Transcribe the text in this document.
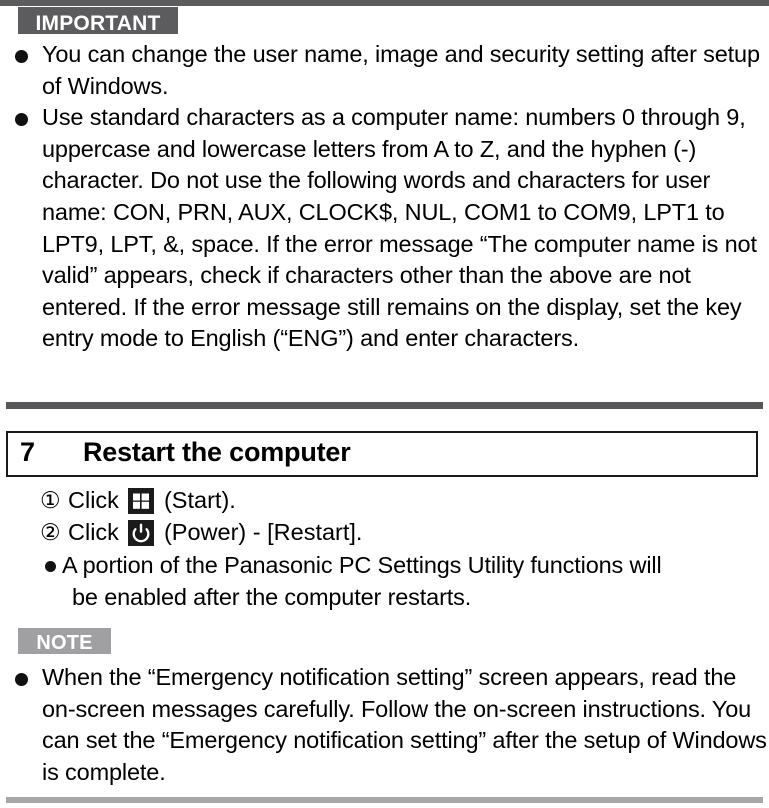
IMPORTANT
You can change the user name, image and security setting after setup of Windows.
Use standard characters as a computer name: numbers 0 through 9, uppercase and lowercase letters from A to Z, and the hyphen (-) character. Do not use the following words and characters for user name: CON, PRN, AUX, CLOCK$, NUL, COM1 to COM9, LPT1 to LPT9, LPT, &, space. If the error message “The computer name is not valid” appears, check if characters other than the above are not entered. If the error message still remains on the display, set the key entry mode to English (“ENG”) and enter characters.
7 Restart the computer
① Click (Start).
② Click (Power) - [Restart].
A portion of the Panasonic PC Settings Utility functions will
be enabled after the computer restarts.
NOTE
When the “Emergency notification setting” screen appears, read the on-screen messages carefully. Follow the on-screen instructions. You can set the “Emergency notification setting” after the setup of Windows is complete.
